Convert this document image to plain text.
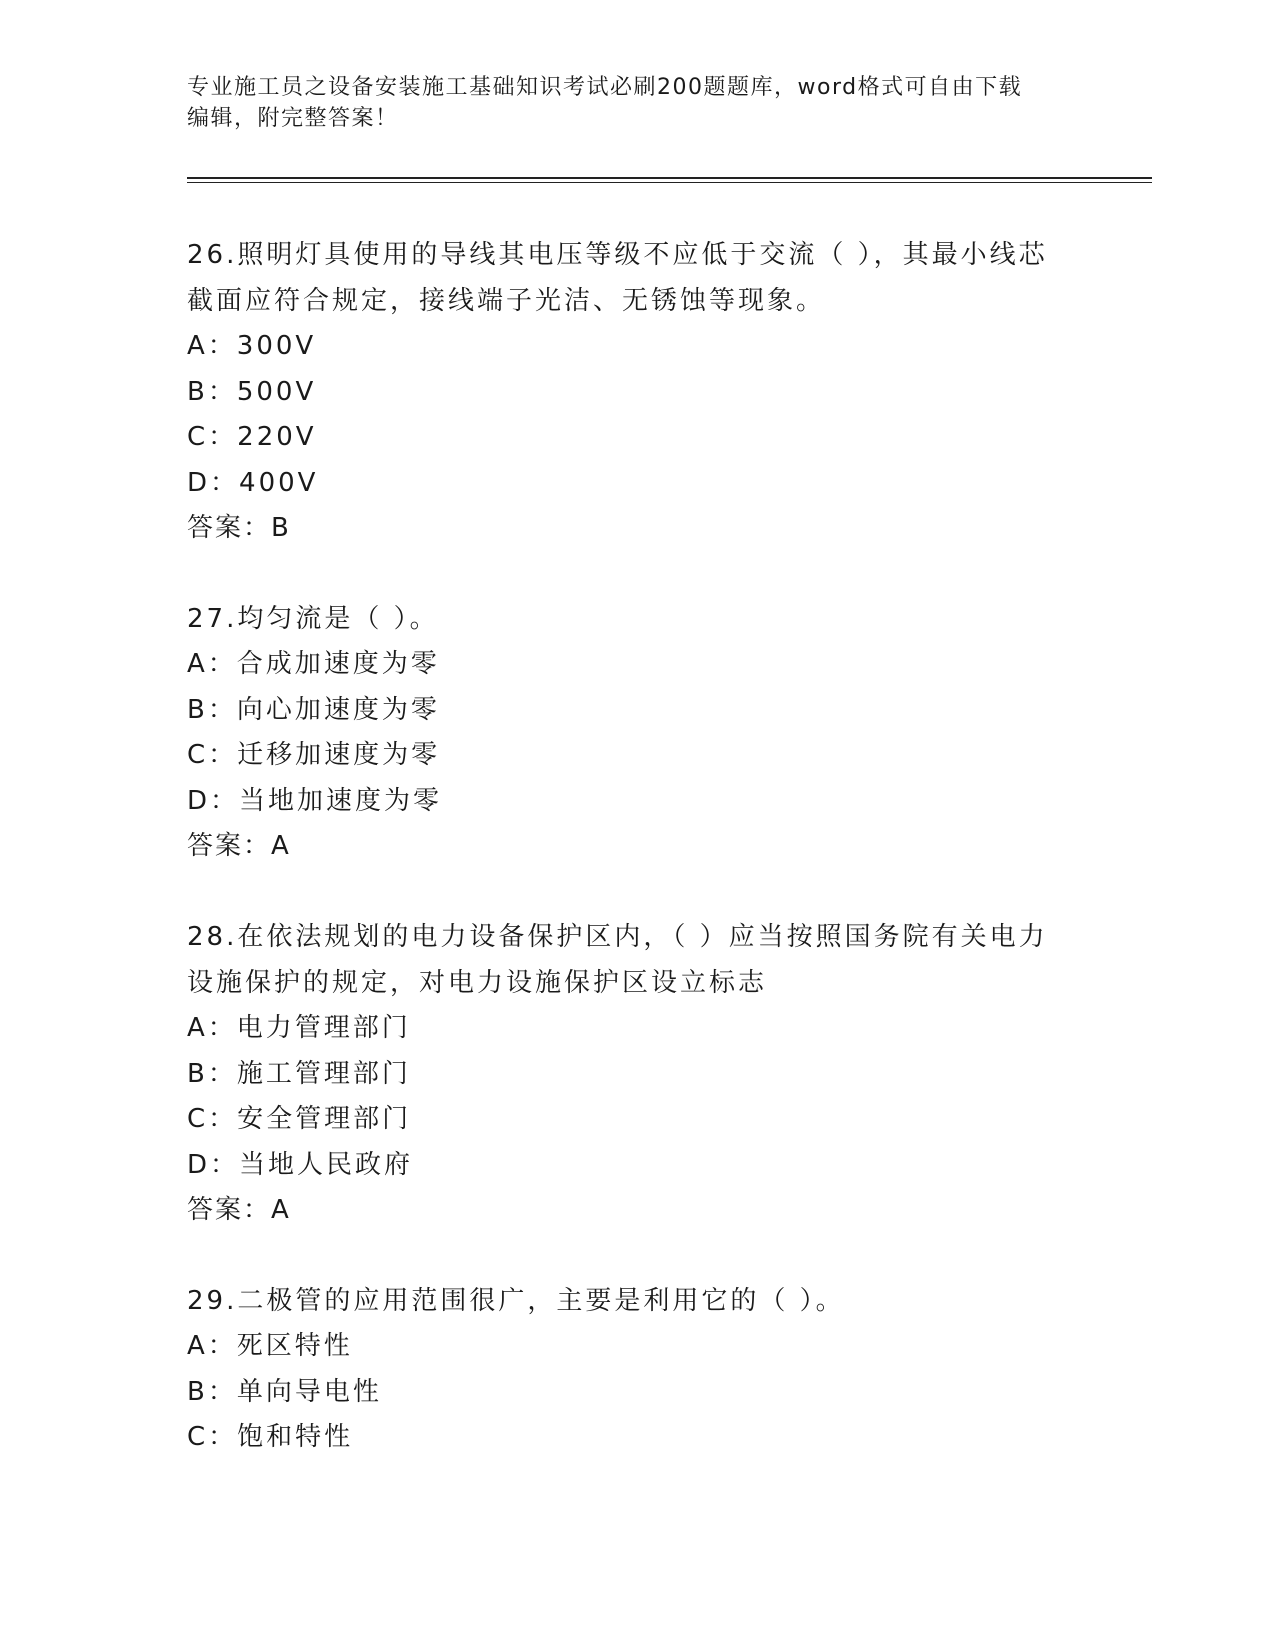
专业施工员之设备安装施工基础知识考试必刷200题题库，word格式可自由下载
编辑，附完整答案！
26.照明灯具使用的导线其电压等级不应低于交流（ ），其最小线芯
截面应符合规定，接线端子光洁、无锈蚀等现象。
A：300V
B：500V
C：220V
D：400V
答案：B
27.均匀流是（ ）。
A：合成加速度为零
B：向心加速度为零
C：迁移加速度为零
D：当地加速度为零
答案：A
28.在依法规划的电力设备保护区内，（ ）应当按照国务院有关电力
设施保护的规定，对电力设施保护区设立标志
A：电力管理部门
B：施工管理部门
C：安全管理部门
D：当地人民政府
答案：A
29.二极管的应用范围很广，主要是利用它的（ ）。
A：死区特性
B：单向导电性
C：饱和特性
